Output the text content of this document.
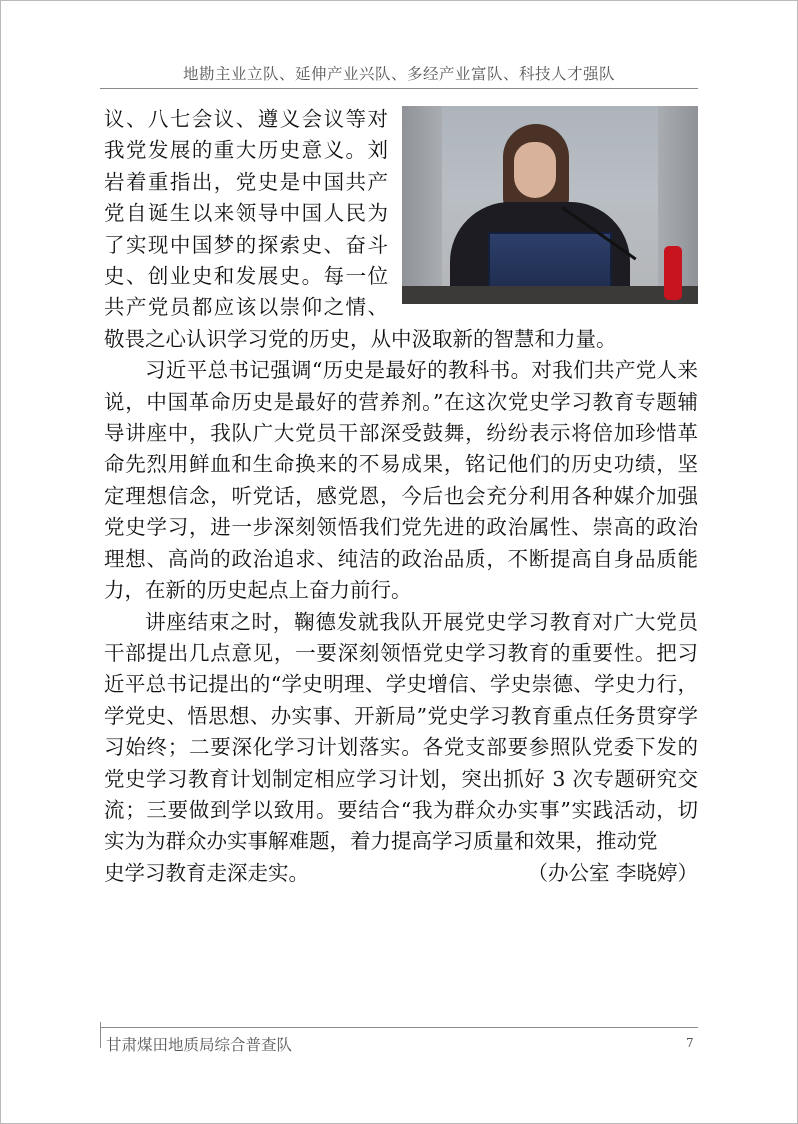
地勘主业立队、延伸产业兴队、多经产业富队、科技人才强队

议、八七会议、遵义会议等对我党发展的重大历史意义。刘岩着重指出，党史是中国共产党自诞生以来领导中国人民为了实现中国梦的探索史、奋斗史、创业史和发展史。每一位共产党员都应该以崇仰之情、敬畏之心认识学习党的历史，从中汲取新的智慧和力量。

习近平总书记强调“历史是最好的教科书。对我们共产党人来说，中国革命历史是最好的营养剂。”在这次党史学习教育专题辅导讲座中，我队广大党员干部深受鼓舞，纷纷表示将倍加珍惜革命先烈用鲜血和生命换来的不易成果，铭记他们的历史功绩，坚定理想信念，听党话，感党恩，今后也会充分利用各种媒介加强党史学习，进一步深刻领悟我们党先进的政治属性、崇高的政治理想、高尚的政治追求、纯洁的政治品质，不断提高自身品质能力，在新的历史起点上奋力前行。

讲座结束之时，鞠德发就我队开展党史学习教育对广大党员干部提出几点意见，一要深刻领悟党史学习教育的重要性。把习近平总书记提出的“学史明理、学史增信、学史崇德、学史力行，学党史、悟思想、办实事、开新局”党史学习教育重点任务贯穿学习始终；二要深化学习计划落实。各党支部要参照队党委下发的党史学习教育计划制定相应学习计划，突出抓好 3 次专题研究交流；三要做到学以致用。要结合“我为群众办实事”实践活动，切实为为群众办实事解难题，着力提高学习质量和效果，推动党

史学习教育走深走实。	（办公室 李晓婷）

甘肃煤田地质局综合普查队	7
